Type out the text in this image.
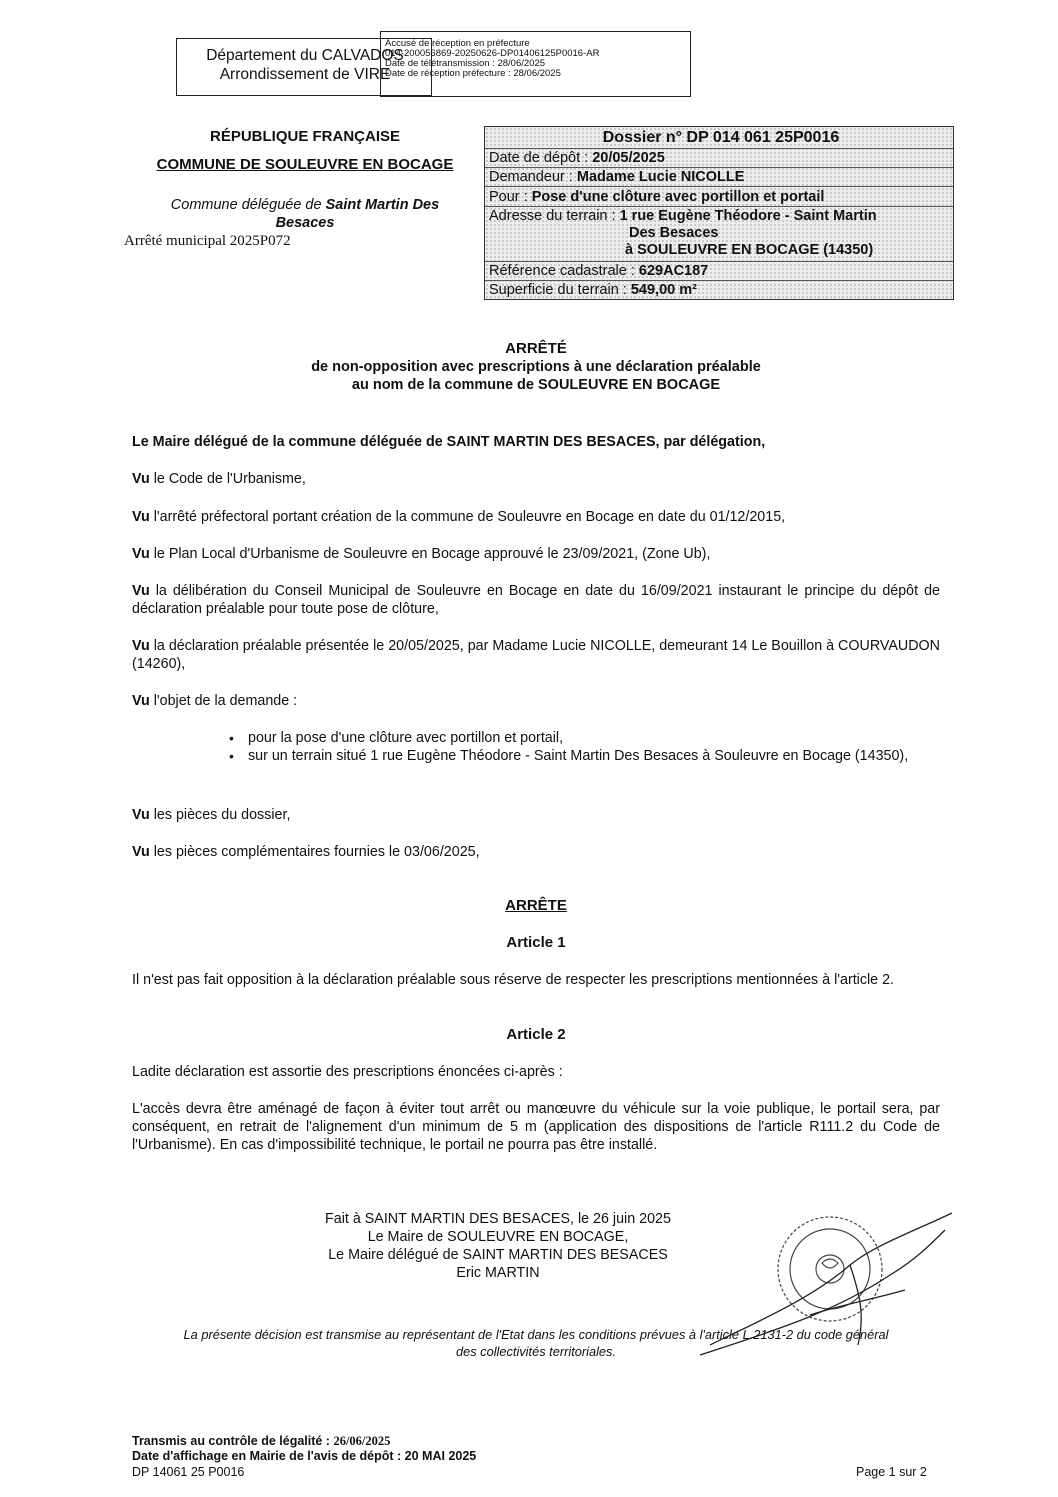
Département du CALVADOS
Arrondissement de VIRE
Accusé de réception en préfecture
014-200056869-20250626-DP01406125P0016-AR
Date de télétransmission : 28/06/2025
Date de réception préfecture : 28/06/2025
RÉPUBLIQUE FRANÇAISE
COMMUNE DE SOULEUVRE EN BOCAGE
Commune déléguée de Saint Martin Des Besaces
Arrêté municipal 2025P072
Dossier n° DP 014 061 25P0016
Date de dépôt : 20/05/2025
Demandeur : Madame Lucie NICOLLE
Pour : Pose d'une clôture avec portillon et portail
Adresse du terrain : 1 rue Eugène Théodore - Saint Martin
Des Besaces
à SOULEUVRE EN BOCAGE (14350)
Référence cadastrale : 629AC187
Superficie du terrain : 549,00 m²
ARRÊTÉ
de non-opposition avec prescriptions à une déclaration préalable
au nom de la commune de SOULEUVRE EN BOCAGE
Le Maire délégué de la commune déléguée de SAINT MARTIN DES BESACES, par délégation,
Vu le Code de l'Urbanisme,
Vu l'arrêté préfectoral portant création de la commune de Souleuvre en Bocage en date du 01/12/2015,
Vu le Plan Local d'Urbanisme de Souleuvre en Bocage approuvé le 23/09/2021, (Zone Ub),
Vu la délibération du Conseil Municipal de Souleuvre en Bocage en date du 16/09/2021 instaurant le principe du dépôt de déclaration préalable pour toute pose de clôture,
Vu la déclaration préalable présentée le 20/05/2025, par Madame Lucie NICOLLE, demeurant 14 Le Bouillon à COURVAUDON (14260),
Vu l'objet de la demande :
• pour la pose d'une clôture avec portillon et portail,
• sur un terrain situé 1 rue Eugène Théodore - Saint Martin Des Besaces à Souleuvre en Bocage (14350),
Vu les pièces du dossier,
Vu les pièces complémentaires fournies le 03/06/2025,
ARRÊTE
Article 1
Il n'est pas fait opposition à la déclaration préalable sous réserve de respecter les prescriptions mentionnées à l'article 2.
Article 2
Ladite déclaration est assortie des prescriptions énoncées ci-après :
L'accès devra être aménagé de façon à éviter tout arrêt ou manœuvre du véhicule sur la voie publique, le portail sera, par conséquent, en retrait de l'alignement d'un minimum de 5 m (application des dispositions de l'article R111.2 du Code de l'Urbanisme). En cas d'impossibilité technique, le portail ne pourra pas être installé.
Fait à SAINT MARTIN DES BESACES, le 26 juin 2025
Le Maire de SOULEUVRE EN BOCAGE,
Le Maire délégué de SAINT MARTIN DES BESACES
Eric MARTIN
La présente décision est transmise au représentant de l'Etat dans les conditions prévues à l'article L.2131-2 du code général
des collectivités territoriales.
Transmis au contrôle de légalité : 26/06/2025
Date d'affichage en Mairie de l'avis de dépôt : 20 MAI 2025
DP 14061 25 P0016	Page 1 sur 2
